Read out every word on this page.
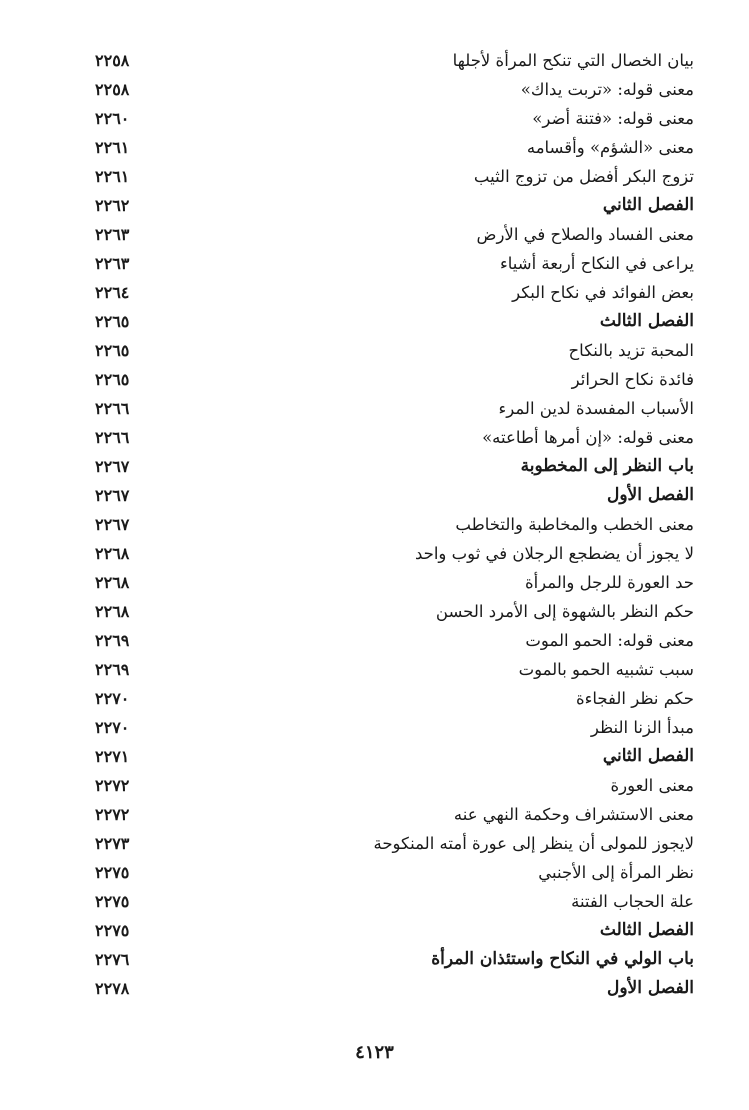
بيان الخصال التي تنكح المرأة لأجلها
٢٢٥٨
معنى قوله: «تربت يداك»
٢٢٥٨
معنى قوله: «فتنة أضر»
٢٢٦٠
معنى «الشؤم» وأقسامه
٢٢٦١
تزوج البكر أفضل من تزوج الثيب
٢٢٦١
الفصل الثاني
٢٢٦٢
معنى الفساد والصلاح في الأرض
٢٢٦٣
يراعى في النكاح أربعة أشياء
٢٢٦٣
بعض الفوائد في نكاح البكر
٢٢٦٤
الفصل الثالث
٢٢٦٥
المحبة تزيد بالنكاح
٢٢٦٥
فائدة نكاح الحرائر
٢٢٦٥
الأسباب المفسدة لدين المرء
٢٢٦٦
معنى قوله: «إن أمرها أطاعته»
٢٢٦٦
باب النظر إلى المخطوبة
٢٢٦٧
الفصل الأول
٢٢٦٧
معنى الخطب والمخاطبة والتخاطب
٢٢٦٧
لا يجوز أن يضطجع الرجلان في ثوب واحد
٢٢٦٨
حد العورة للرجل والمرأة
٢٢٦٨
حكم النظر بالشهوة إلى الأمرد الحسن
٢٢٦٨
معنى قوله: الحمو الموت
٢٢٦٩
سبب تشبيه الحمو بالموت
٢٢٦٩
حكم نظر الفجاءة
٢٢٧٠
مبدأ الزنا النظر
٢٢٧٠
الفصل الثاني
٢٢٧١
معنى العورة
٢٢٧٢
معنى الاستشراف وحكمة النهي عنه
٢٢٧٢
لايجوز للمولى أن ينظر إلى عورة أمته المنكوحة
٢٢٧٣
نظر المرأة إلى الأجنبي
٢٢٧٥
علة الحجاب الفتنة
٢٢٧٥
الفصل الثالث
٢٢٧٥
باب الولي في النكاح واستئذان المرأة
٢٢٧٦
الفصل الأول
٢٢٧٨
٤١٢٣
